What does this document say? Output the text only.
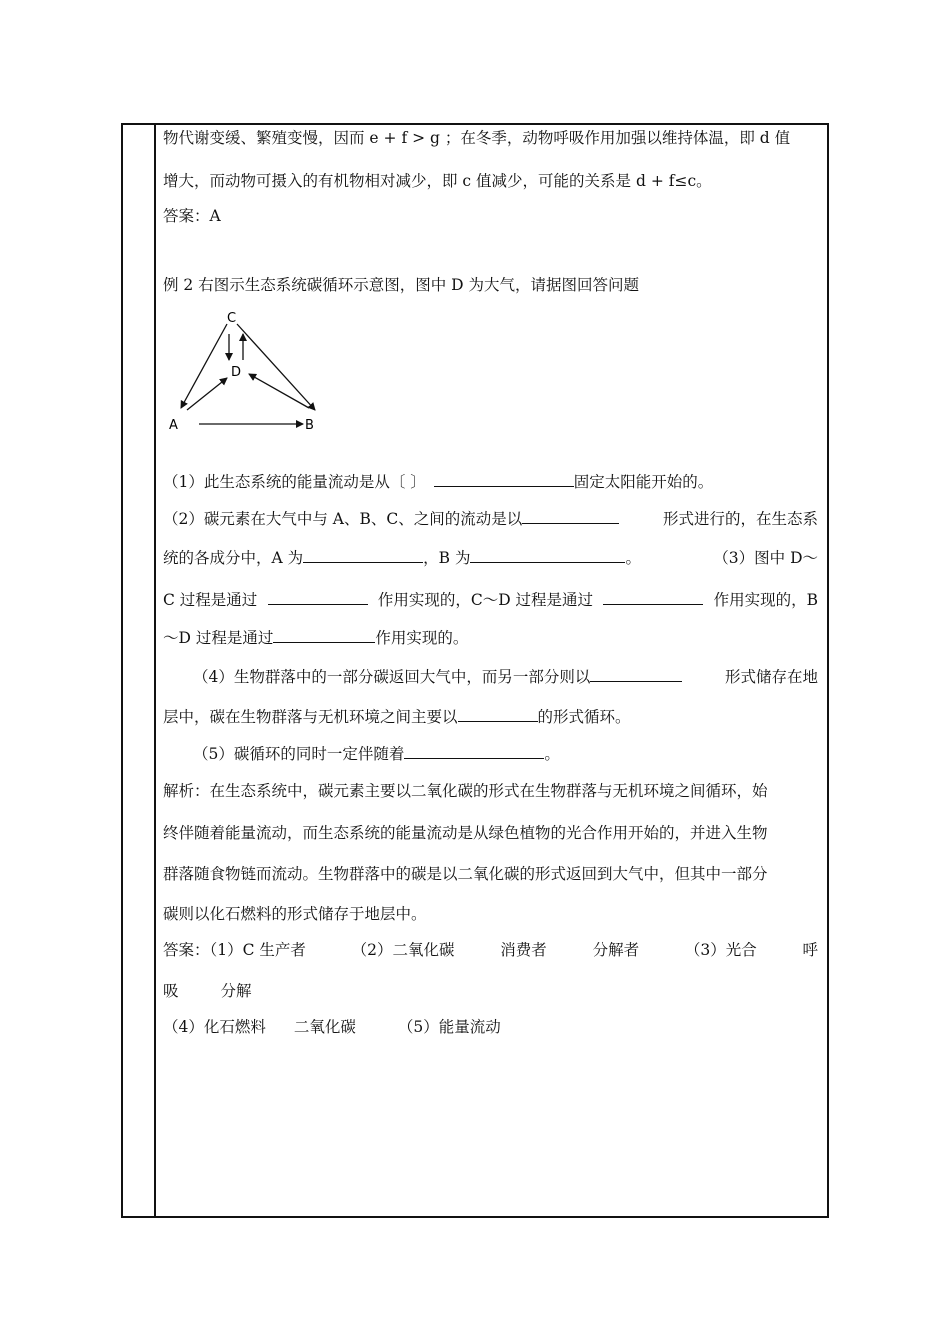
物代谢变缓、繁殖变慢，因而 e + f > g ；在冬季，动物呼吸作用加强以维持体温，即 d 值
增大，而动物可摄入的有机物相对减少，即 c 值减少，可能的关系是 d + f≤c。
答案：A
例 2 右图示生态系统碳循环示意图，图中 D 为大气，请据图回答问题
C
D
A	B
（1）此生态系统的能量流动是从〔 〕	固定太阳能开始的。
（2）碳元素在大气中与 A、B、C、之间的流动是以	形式进行的，在生态系
统的各成分中，A 为	，B 为	。	（3）图中 D～
C 过程是通过	作用实现的，C～D 过程是通过	作用实现的，B
～D 过程是通过	作用实现的。
（4）生物群落中的一部分碳返回大气中，而另一部分则以	形式储存在地
层中，碳在生物群落与无机环境之间主要以	的形式循环。
（5）碳循环的同时一定伴随着	。
解析：在生态系统中，碳元素主要以二氧化碳的形式在生物群落与无机环境之间循环，始
终伴随着能量流动，而生态系统的能量流动是从绿色植物的光合作用开始的，并进入生物
群落随食物链而流动。生物群落中的碳是以二氧化碳的形式返回到大气中，但其中一部分
碳则以化石燃料的形式储存于地层中。
答案：（1）C 生产者	（2）二氧化碳	消费者	分解者	（3）光合	呼
吸	分解
（4）化石燃料 二氧化碳	（5）能量流动
